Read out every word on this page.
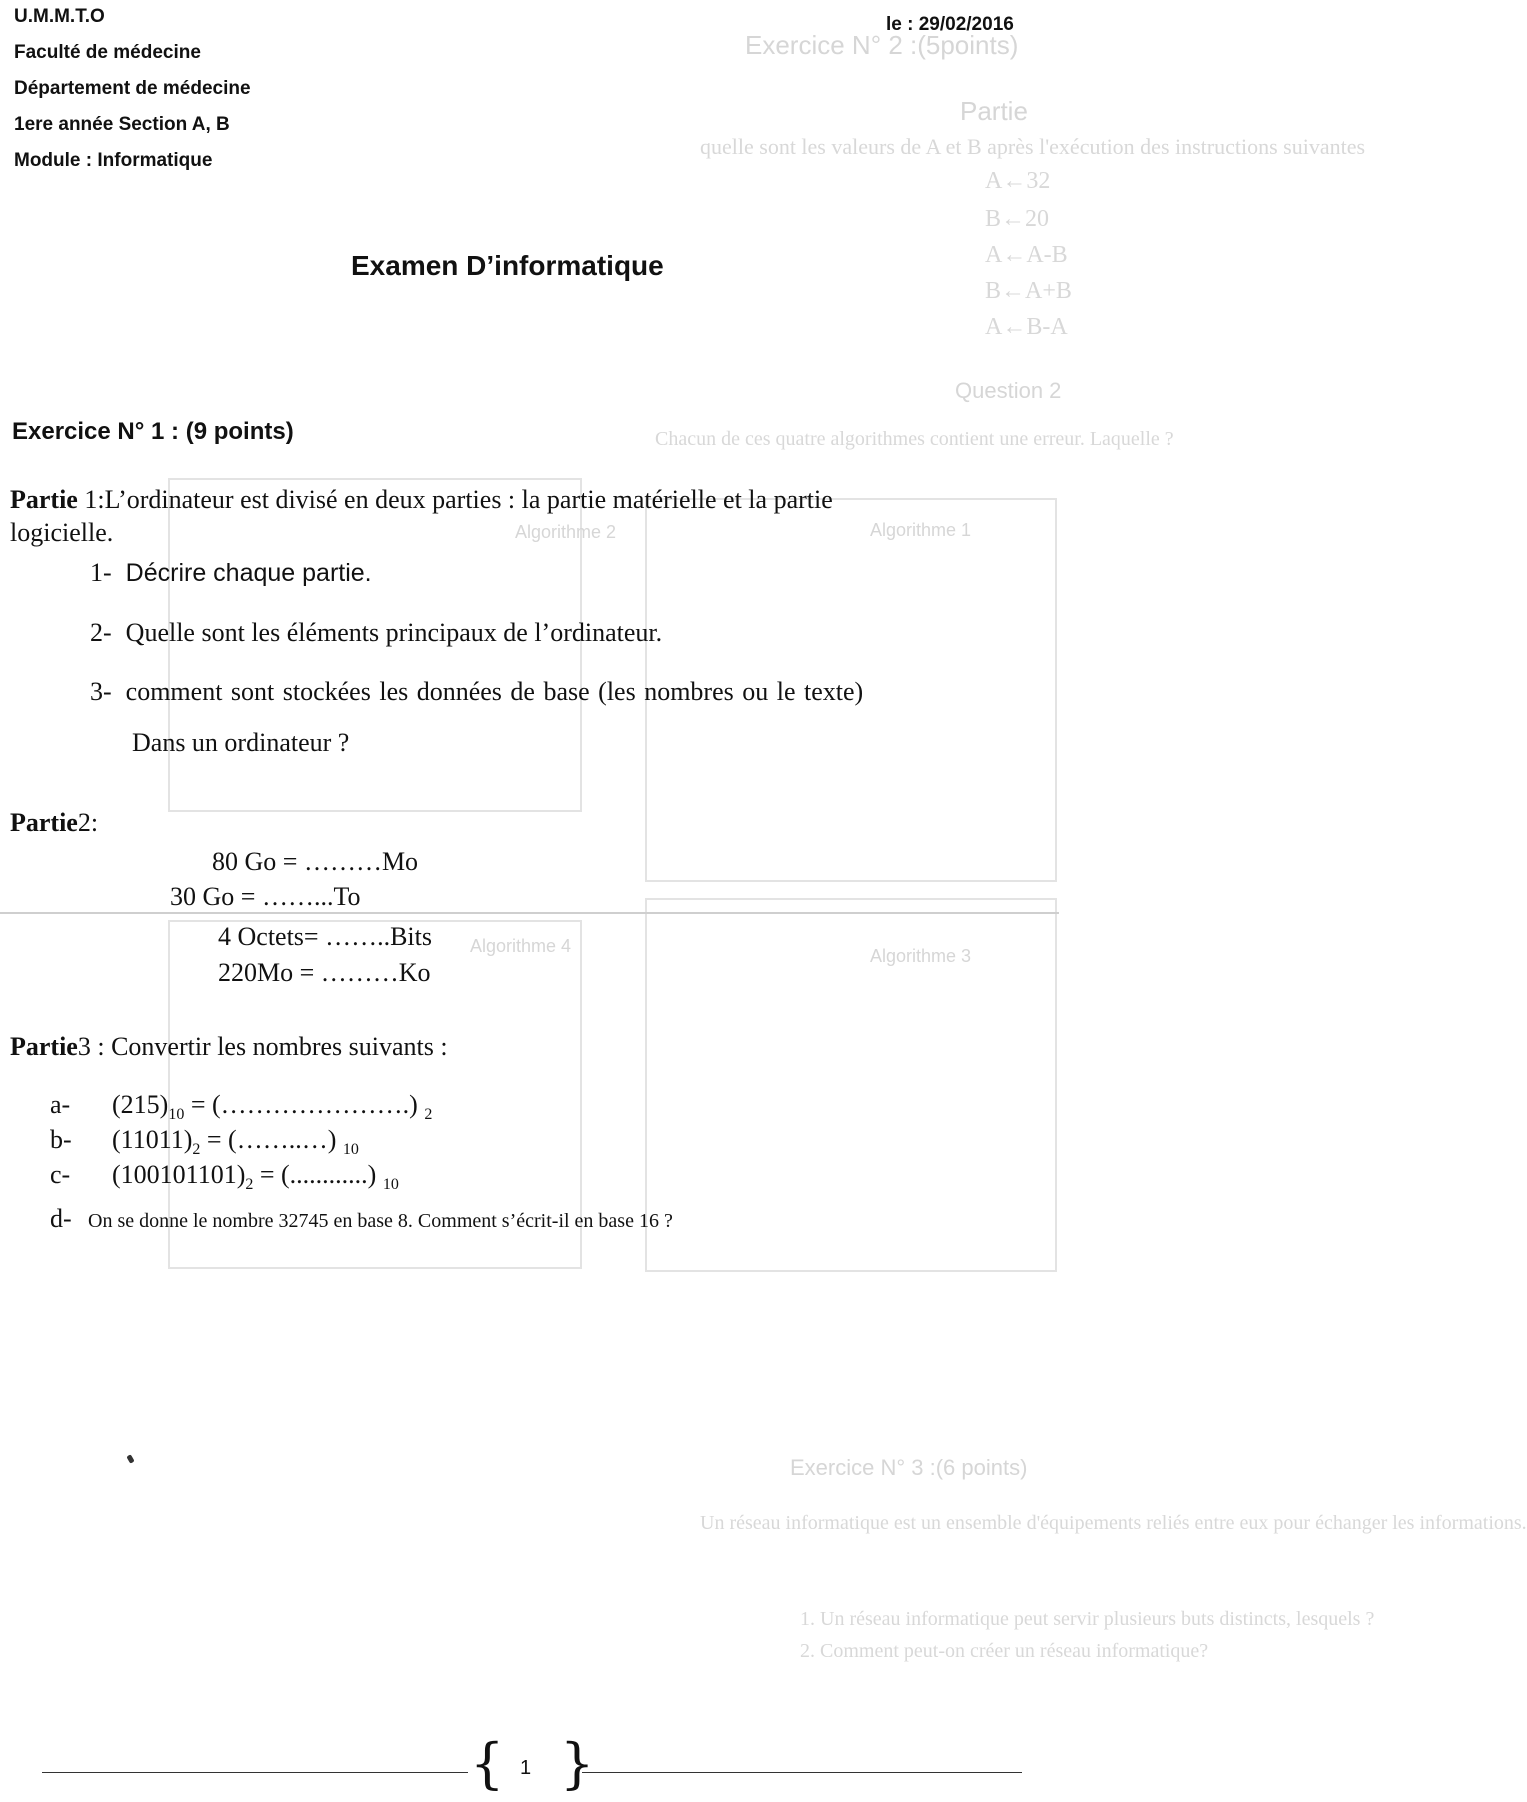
Exercice N° 2 :(5points)
Partie
quelle sont les valeurs de A et B après l'exécution des instructions suivantes
A←32
B←20
A←A-B
B←A+B
A←B-A
Question 2
Chacun de ces quatre algorithmes contient une erreur. Laquelle ?
Algorithme 2	Algorithme 1
Algorithme 4	Algorithme 3
Exercice N° 3 :(6 points)
Un réseau informatique est un ensemble d'équipements reliés entre eux pour échanger les informations.
1. Un réseau informatique peut servir plusieurs buts distincts, lesquels ?
2. Comment peut-on créer un réseau informatique?
U.M.M.T.O
Faculté de médecine
Département de médecine
1ere année Section A, B
Module : Informatique
le : 29/02/2016
Examen D’informatique
Exercice N° 1 : (9 points)
Partie 1:L’ordinateur est divisé en deux parties : la partie matérielle et la partie
logicielle.
1- Décrire chaque partie.
2- Quelle sont les éléments principaux de l’ordinateur.
3- comment sont stockées les données de base (les nombres ou le texte)
Dans un ordinateur ?
Partie2:
80 Go = ………Mo
30 Go = ……...To
4 Octets= ……..Bits
220Mo = ………Ko
Partie3 : Convertir les nombres suivants :
a- $(215)_{10}$ = (………………….) $_2$
b- $(11011)_2$ = (……..…) $_{10}$
c- $(100101101)_2$ = (............) $_{10}$
d- On se donne le nombre 32745 en base 8. Comment s’écrit-il en base 16 ?
{ 1 }
